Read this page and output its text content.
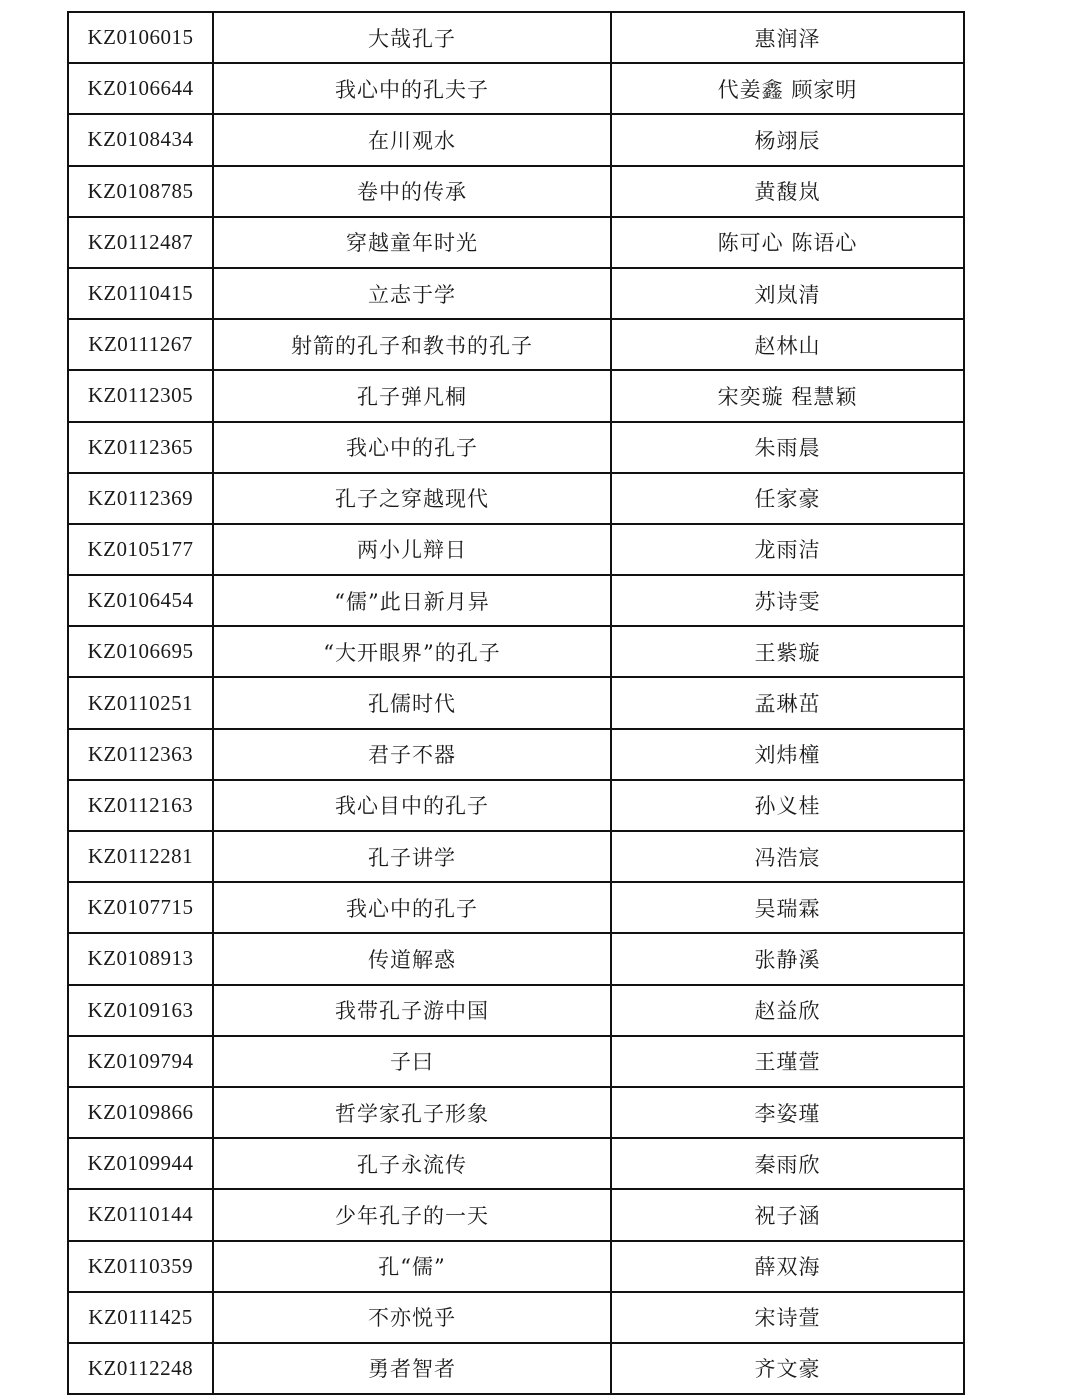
KZ0106015	大哉孔子	惠润泽
KZ0106644	我心中的孔夫子	代姜鑫 顾家明
KZ0108434	在川观水	杨翊辰
KZ0108785	卷中的传承	黄馥岚
KZ0112487	穿越童年时光	陈可心 陈语心
KZ0110415	立志于学	刘岚清
KZ0111267	射箭的孔子和教书的孔子	赵林山
KZ0112305	孔子弹凡桐	宋奕璇 程慧颖
KZ0112365	我心中的孔子	朱雨晨
KZ0112369	孔子之穿越现代	任家豪
KZ0105177	两小儿辩日	龙雨洁
KZ0106454	“儒”此日新月异	苏诗雯
KZ0106695	“大开眼界”的孔子	王紫璇
KZ0110251	孔儒时代	孟琳茁
KZ0112363	君子不器	刘炜橦
KZ0112163	我心目中的孔子	孙义桂
KZ0112281	孔子讲学	冯浩宸
KZ0107715	我心中的孔子	吴瑞霖
KZ0108913	传道解惑	张静溪
KZ0109163	我带孔子游中国	赵益欣
KZ0109794	子曰	王瑾萱
KZ0109866	哲学家孔子形象	李姿瑾
KZ0109944	孔子永流传	秦雨欣
KZ0110144	少年孔子的一天	祝子涵
KZ0110359	孔“儒”	薛双海
KZ0111425	不亦悦乎	宋诗萱
KZ0112248	勇者智者	齐文豪
